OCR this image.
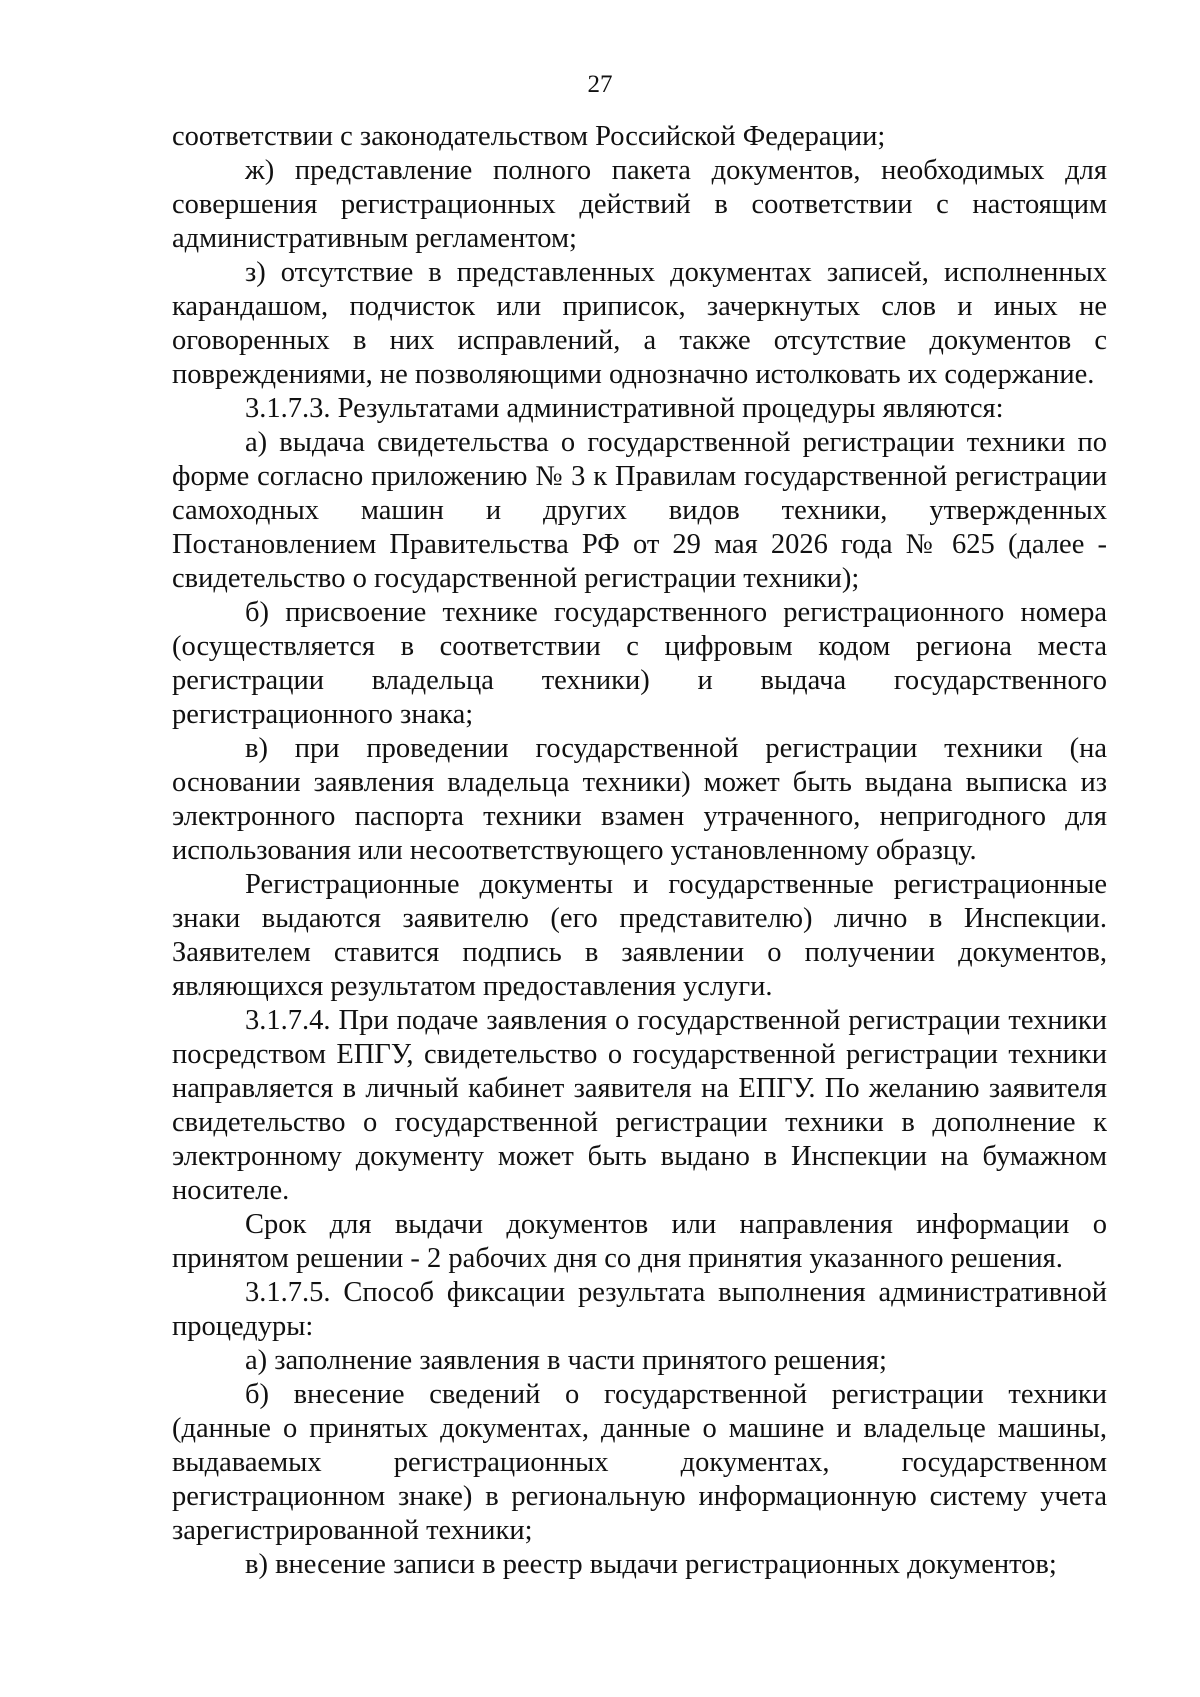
27

соответствии с законодательством Российской Федерации;

ж) представление полного пакета документов, необходимых для совершения регистрационных действий в соответствии с настоящим административным регламентом;

з) отсутствие в представленных документах записей, исполненных карандашом, подчисток или приписок, зачеркнутых слов и иных не оговоренных в них исправлений, а также отсутствие документов с повреждениями, не позволяющими однозначно истолковать их содержание.

3.1.7.3. Результатами административной процедуры являются:

а) выдача свидетельства о государственной регистрации техники по форме согласно приложению № 3 к Правилам государственной регистрации самоходных машин и других видов техники, утвержденных Постановлением Правительства РФ от 29 мая 2026 года № 625 (далее - свидетельство о государственной регистрации техники);

б) присвоение технике государственного регистрационного номера (осуществляется в соответствии с цифровым кодом региона места регистрации владельца техники) и выдача государственного регистрационного знака;

в) при проведении государственной регистрации техники (на основании заявления владельца техники) может быть выдана выписка из электронного паспорта техники взамен утраченного, непригодного для использования или несоответствующего установленному образцу.

Регистрационные документы и государственные регистрационные знаки выдаются заявителю (его представителю) лично в Инспекции. Заявителем ставится подпись в заявлении о получении документов, являющихся результатом предоставления услуги.

3.1.7.4. При подаче заявления о государственной регистрации техники посредством ЕПГУ, свидетельство о государственной регистрации техники направляется в личный кабинет заявителя на ЕПГУ. По желанию заявителя свидетельство о государственной регистрации техники в дополнение к электронному документу может быть выдано в Инспекции на бумажном носителе.

Срок для выдачи документов или направления информации о принятом решении - 2 рабочих дня со дня принятия указанного решения.

3.1.7.5. Способ фиксации результата выполнения административной процедуры:

а) заполнение заявления в части принятого решения;

б) внесение сведений о государственной регистрации техники (данные о принятых документах, данные о машине и владельце машины, выдаваемых регистрационных документах, государственном регистрационном знаке) в региональную информационную систему учета зарегистрированной техники;

в) внесение записи в реестр выдачи регистрационных документов;
